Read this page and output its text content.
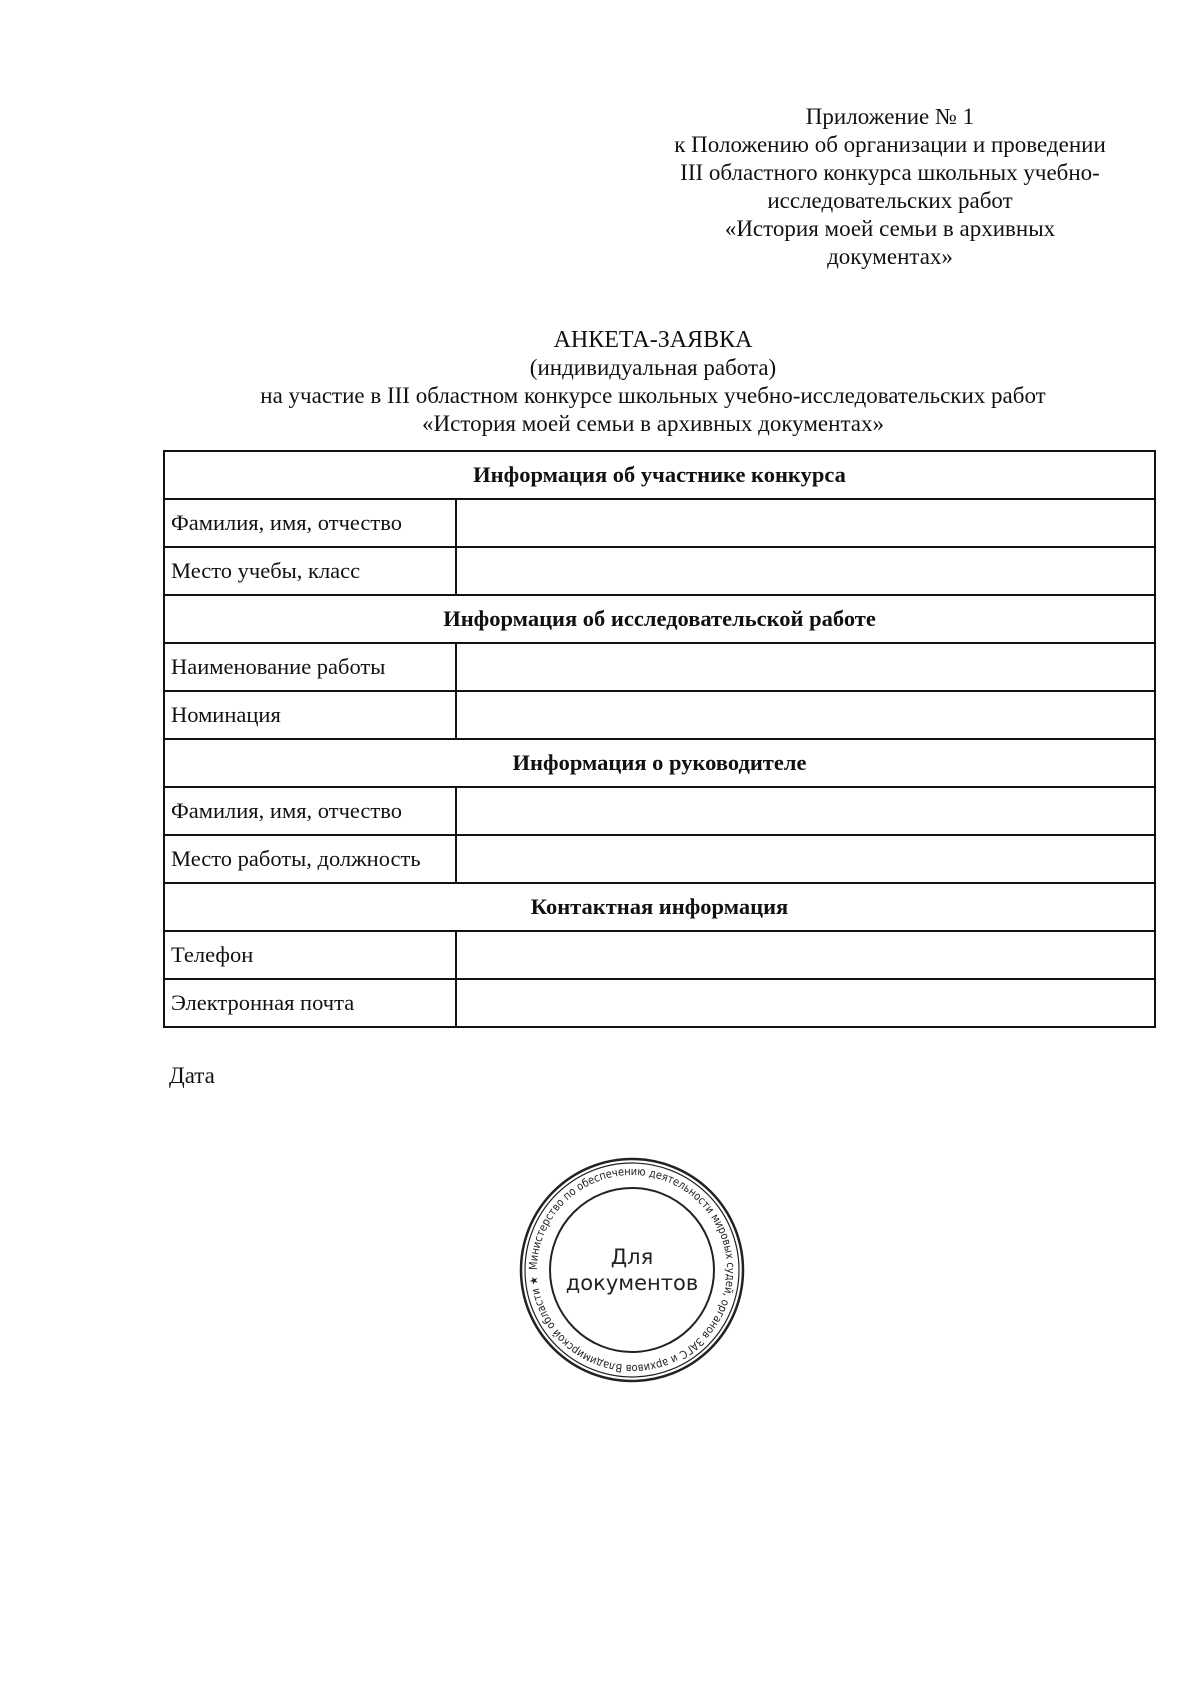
Приложение № 1
к Положению об организации и проведении
III областного конкурса школьных учебно-
исследовательских работ
«История моей семьи в архивных
документах»
АНКЕТА-ЗАЯВКА
(индивидуальная работа)
на участие в III областном конкурсе школьных учебно-исследовательских работ
«История моей семьи в архивных документах»
Информация об участнике конкурса	
Фамилия, имя, отчество	
Место учебы, класс	
Информация об исследовательской работе	
Наименование работы	
Номинация	
Информация о руководителе	
Фамилия, имя, отчество	
Место работы, должность	
Контактная информация	
Телефон	
Электронная почта	
Дата
Министерство по обеспечению деятельности мировых судей, органов ЗАГС и архивов Владимирской области ★
Для
документов
